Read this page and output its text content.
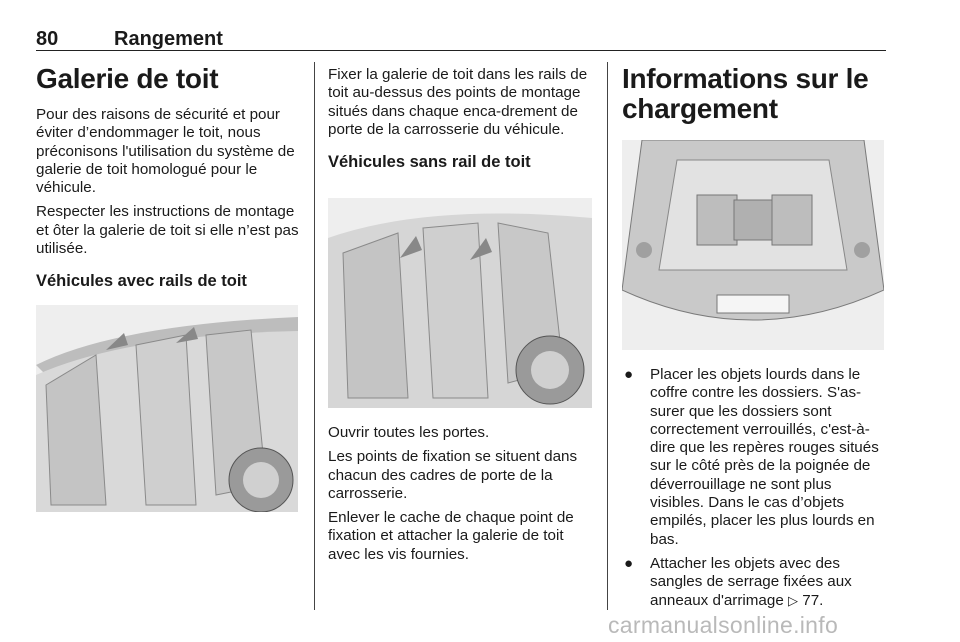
80	Rangement
Galerie de toit

Pour des raisons de sécurité et pour éviter d’endommager le toit, nous préconisons l'utilisation du système de galerie de toit homologué pour le véhicule.

Respecter les instructions de montage et ôter la galerie de toit si elle n’est pas utilisée.

Véhicules avec rails de toit

Fixer la galerie de toit dans les rails de toit au-dessus des points de montage situés dans chaque enca-drement de porte de la carrosserie du véhicule.

Véhicules sans rail de toit

Ouvrir toutes les portes.

Les points de fixation se situent dans chacun des cadres de porte de la carrosserie.

Enlever le cache de chaque point de fixation et attacher la galerie de toit avec les vis fournies.

Informations sur le chargement
● Placer les objets lourds dans le coffre contre les dossiers. S'as-surer que les dossiers sont correctement verrouillés, c'est-à-dire que les repères rouges situés sur le côté près de la poignée de déverrouillage ne sont plus visibles. Dans le cas d’objets empilés, placer les plus lourds en bas.
● Attacher les objets avec des sangles de serrage fixées aux anneaux d'arrimage ▷ 77.
carmanualsonline.info
